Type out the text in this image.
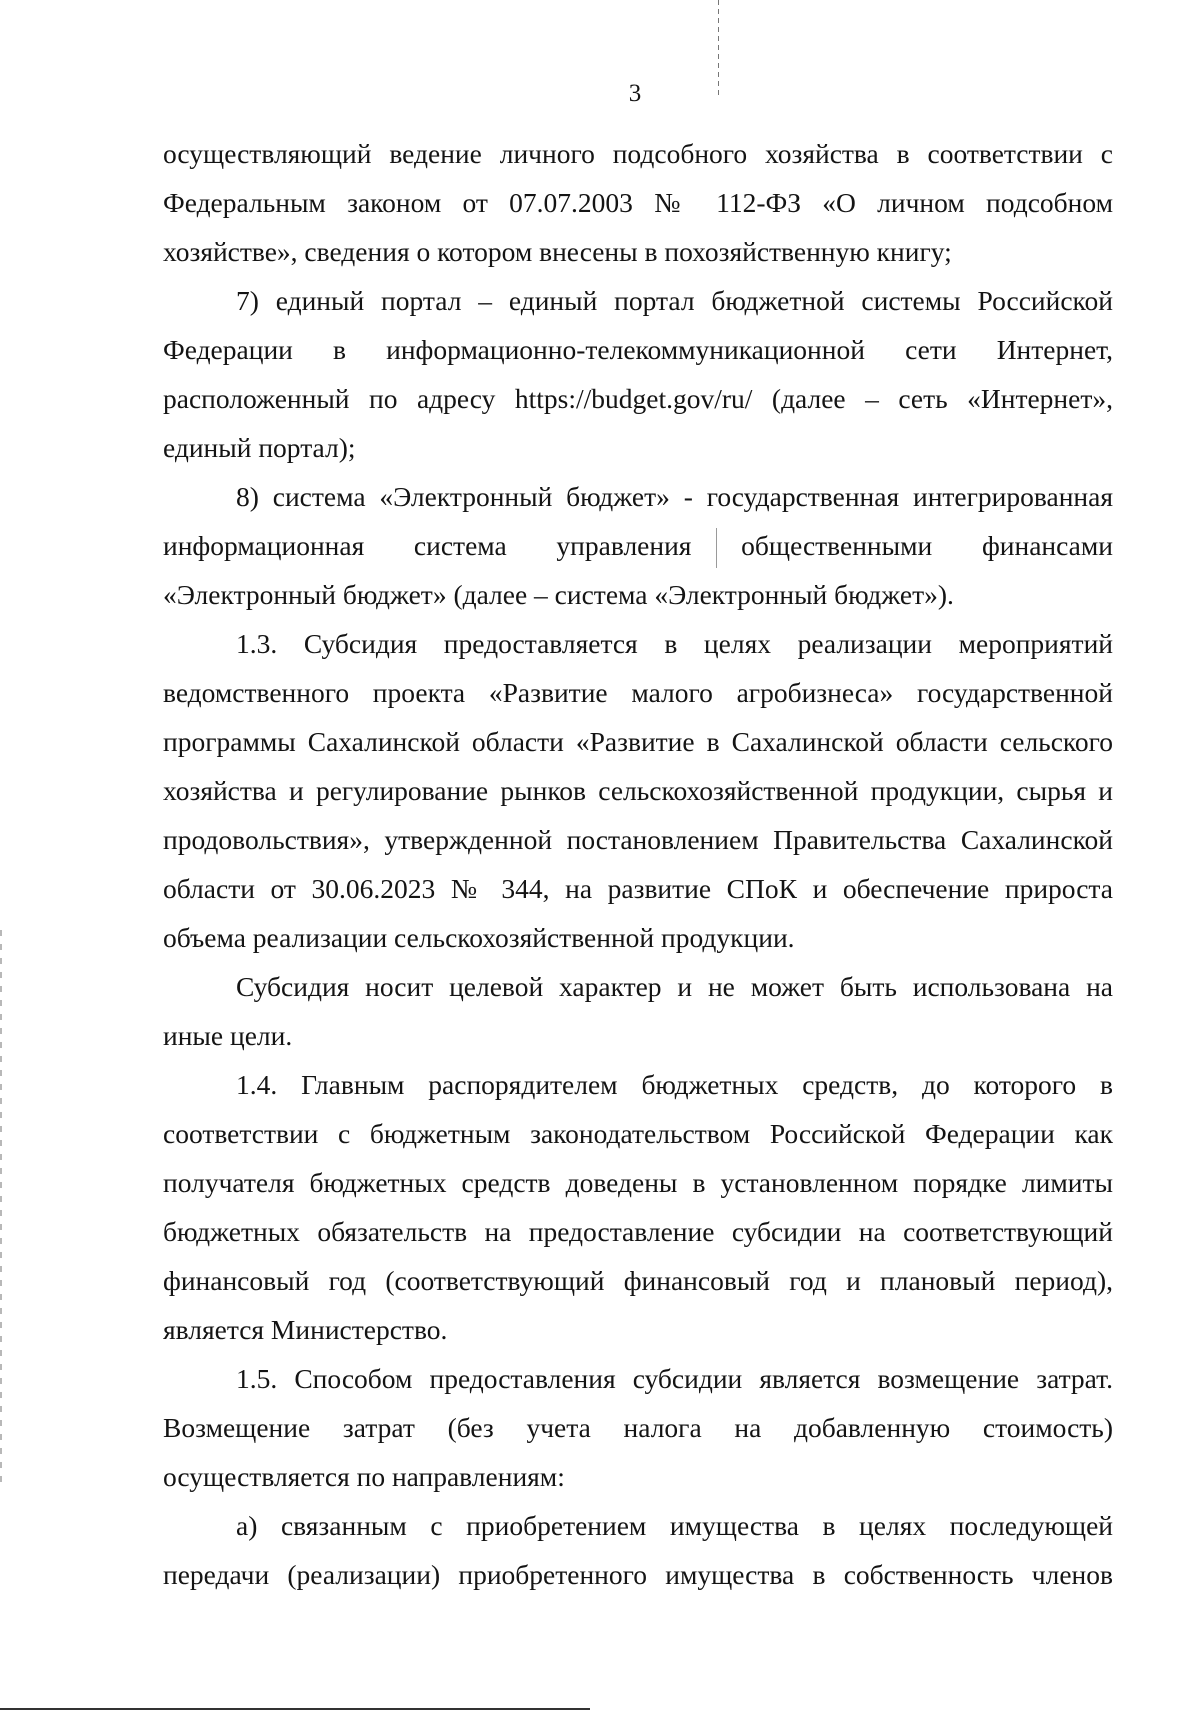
3
осуществляющий ведение личного подсобного хозяйства в соответствии с
Федеральным законом от 07.07.2003 № 112-ФЗ «О личном подсобном
хозяйстве», сведения о котором внесены в похозяйственную книгу;
7) единый портал – единый портал бюджетной системы Российской
Федерации в информационно-телекоммуникационной сети Интернет,
расположенный по адресу https://budget.gov/ru/ (далее – сеть «Интернет»,
единый портал);
8) система «Электронный бюджет» - государственная интегрированная
информационная система управления общественными финансами
«Электронный бюджет» (далее – система «Электронный бюджет»).
1.3. Субсидия предоставляется в целях реализации мероприятий
ведомственного проекта «Развитие малого агробизнеса» государственной
программы Сахалинской области «Развитие в Сахалинской области сельского
хозяйства и регулирование рынков сельскохозяйственной продукции, сырья и
продовольствия», утвержденной постановлением Правительства Сахалинской
области от 30.06.2023 № 344, на развитие СПоК и обеспечение прироста
объема реализации сельскохозяйственной продукции.
Субсидия носит целевой характер и не может быть использована на
иные цели.
1.4. Главным распорядителем бюджетных средств, до которого в
соответствии с бюджетным законодательством Российской Федерации как
получателя бюджетных средств доведены в установленном порядке лимиты
бюджетных обязательств на предоставление субсидии на соответствующий
финансовый год (соответствующий финансовый год и плановый период),
является Министерство.
1.5. Способом предоставления субсидии является возмещение затрат.
Возмещение затрат (без учета налога на добавленную стоимость)
осуществляется по направлениям:
а) связанным с приобретением имущества в целях последующей
передачи (реализации) приобретенного имущества в собственность членов
